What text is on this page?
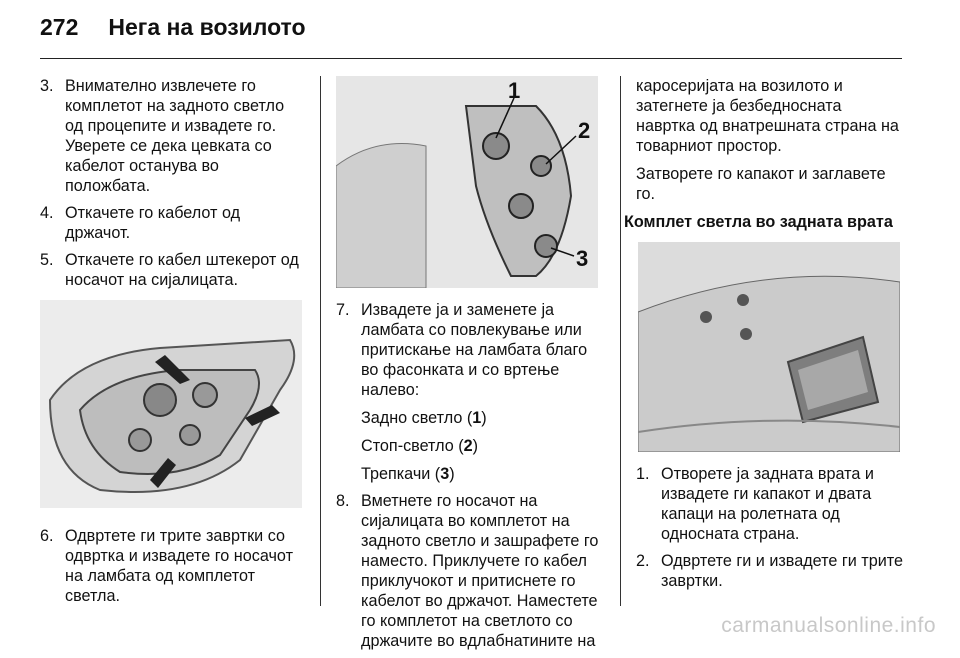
272 Нега на возилото
3. Внимателно извлечете го комплетот на задното светло од процепите и извадете го. Уверете се дека цевката со кабелот останува во положбата.
4. Откачете го кабелот од држачот.
5. Откачете го кабел штекерот од носачот на сијалицата.
6. Одвртете ги трите завртки со одвртка и извадете го носачот на ламбата од комплетот светла.
1
2
3
7. Извадете ја и заменете ја ламбата со повлекување или притискање на ламбата благо во фасонката и со вртење налево:
Задно светло (1)
Стоп-светло (2)
Трепкачи (3)
8. Вметнете го носачот на сијалицата во комплетот на задното светло и зашрафете го наместо. Приклучете го кабел приклучокот и притиснете го кабелот во држачот. Наместете го комплетот на светлото со држачите во вдлабнатините на
каросеријата на возилото и затегнете ја безбедносната навртка од внатрешната страна на товарниот простор.
Затворете го капакот и заглавете го.
Комплет светла во задната врата
1. Отворете ја задната врата и извадете ги капакот и двата капаци на ролетната од односната страна.
2. Одвртете ги и извадете ги трите завртки.
carmanualsonline.info
